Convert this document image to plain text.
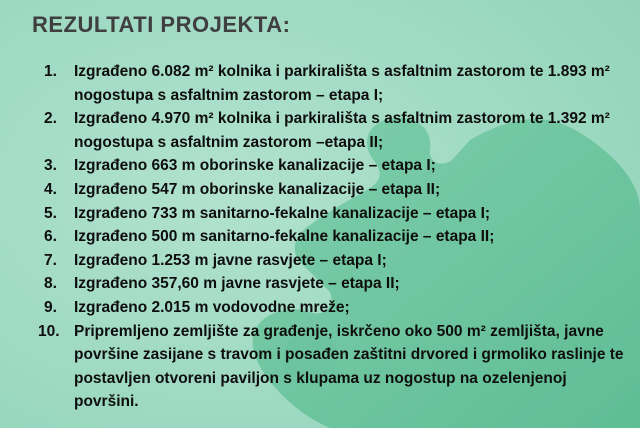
REZULTATI PROJEKTA:
1.	Izgrađeno 6.082 m² kolnika i parkirališta s asfaltnim zastorom te 1.893 m² nogostupa s asfaltnim zastorom – etapa I;
2.	Izgrađeno 4.970 m² kolnika i parkirališta s asfaltnim zastorom te 1.392 m² nogostupa s asfaltnim zastorom –etapa II;
3.	Izgrađeno 663 m oborinske kanalizacije – etapa I;
4.	Izgrađeno 547 m oborinske kanalizacije – etapa II;
5.	Izgrađeno 733 m sanitarno-fekalne kanalizacije – etapa I;
6.	Izgrađeno 500 m sanitarno-fekalne kanalizacije – etapa II;
7.	Izgrađeno 1.253 m javne rasvjete – etapa I;
8.	Izgrađeno 357,60 m javne rasvjete – etapa II;
9.	Izgrađeno 2.015 m vodovodne mreže;
10. Pripremljeno zemljište za građenje, iskrčeno oko 500 m² zemljišta, javne površine zasijane s travom i posađen zaštitni drvored i grmoliko raslinje te postavljen otvoreni paviljon s klupama uz nogostup na ozelenjenoj površini.
